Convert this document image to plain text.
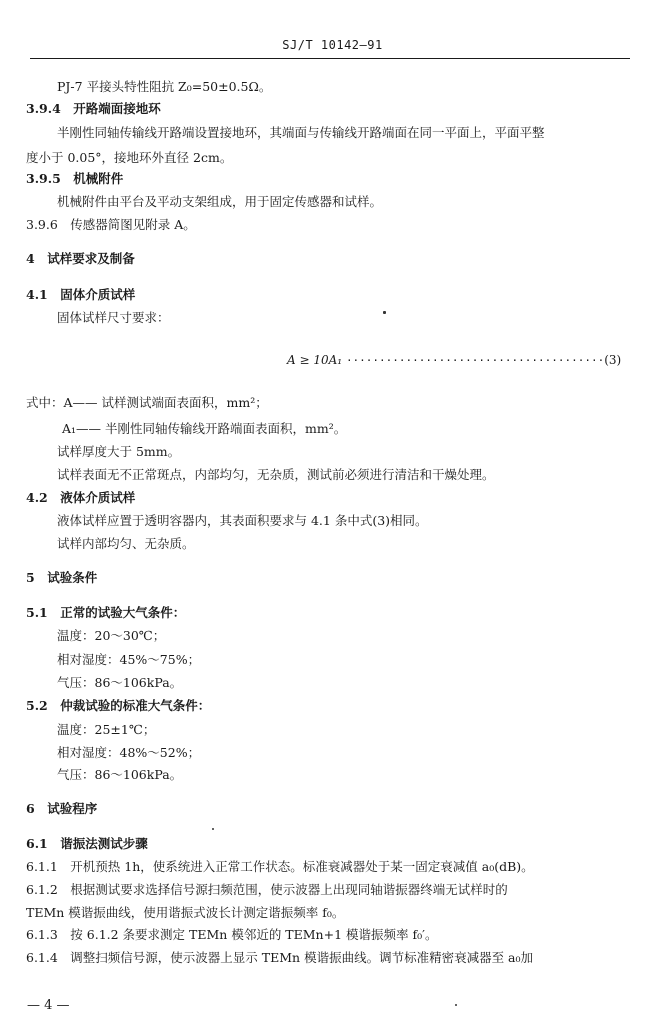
SJ/T 10142—91
PJ-7 平接头特性阻抗 Z₀=50±0.5Ω。
3.9.4　开路端面接地环
半刚性同轴传输线开路端设置接地环，其端面与传输线开路端面在同一平面上，平面平整
度小于 0.05°，接地环外直径 2cm。
3.9.5　机械附件
机械附件由平台及平动支架组成，用于固定传感器和试样。
3.9.6　传感器简图见附录 A。
4　试样要求及制备
4.1　固体介质试样
固体试样尺寸要求：
A ≥ 10A₁ ·······································(3)
式中：A—— 试样测试端面表面积，mm²；
A₁—— 半刚性同轴传输线开路端面表面积，mm²。
试样厚度大于 5mm。
试样表面无不正常斑点，内部均匀，无杂质，测试前必须进行清洁和干燥处理。
4.2　液体介质试样
液体试样应置于透明容器内，其表面积要求与 4.1 条中式(3)相同。
试样内部均匀、无杂质。
5　试验条件
5.1　正常的试验大气条件：
温度：20～30℃；
相对湿度：45%～75%；
气压：86～106kPa。
5.2　仲裁试验的标准大气条件：
温度：25±1℃；
相对湿度：48%～52%；
气压：86～106kPa。
6　试验程序
6.1　谐振法测试步骤
6.1.1　开机预热 1h，使系统进入正常工作状态。标准衰减器处于某一固定衰减值 a₀(dB)。
6.1.2　根据测试要求选择信号源扫频范围，使示波器上出现同轴谐振器终端无试样时的
TEMn 模谐振曲线，使用谐振式波长计测定谐振频率 f₀。
6.1.3　按 6.1.2 条要求测定 TEMn 模邻近的 TEMn+1 模谐振频率 f₀′。
6.1.4　调整扫频信号源，使示波器上显示 TEMn 模谐振曲线。调节标准精密衰减器至 a₀加
— 4 —
